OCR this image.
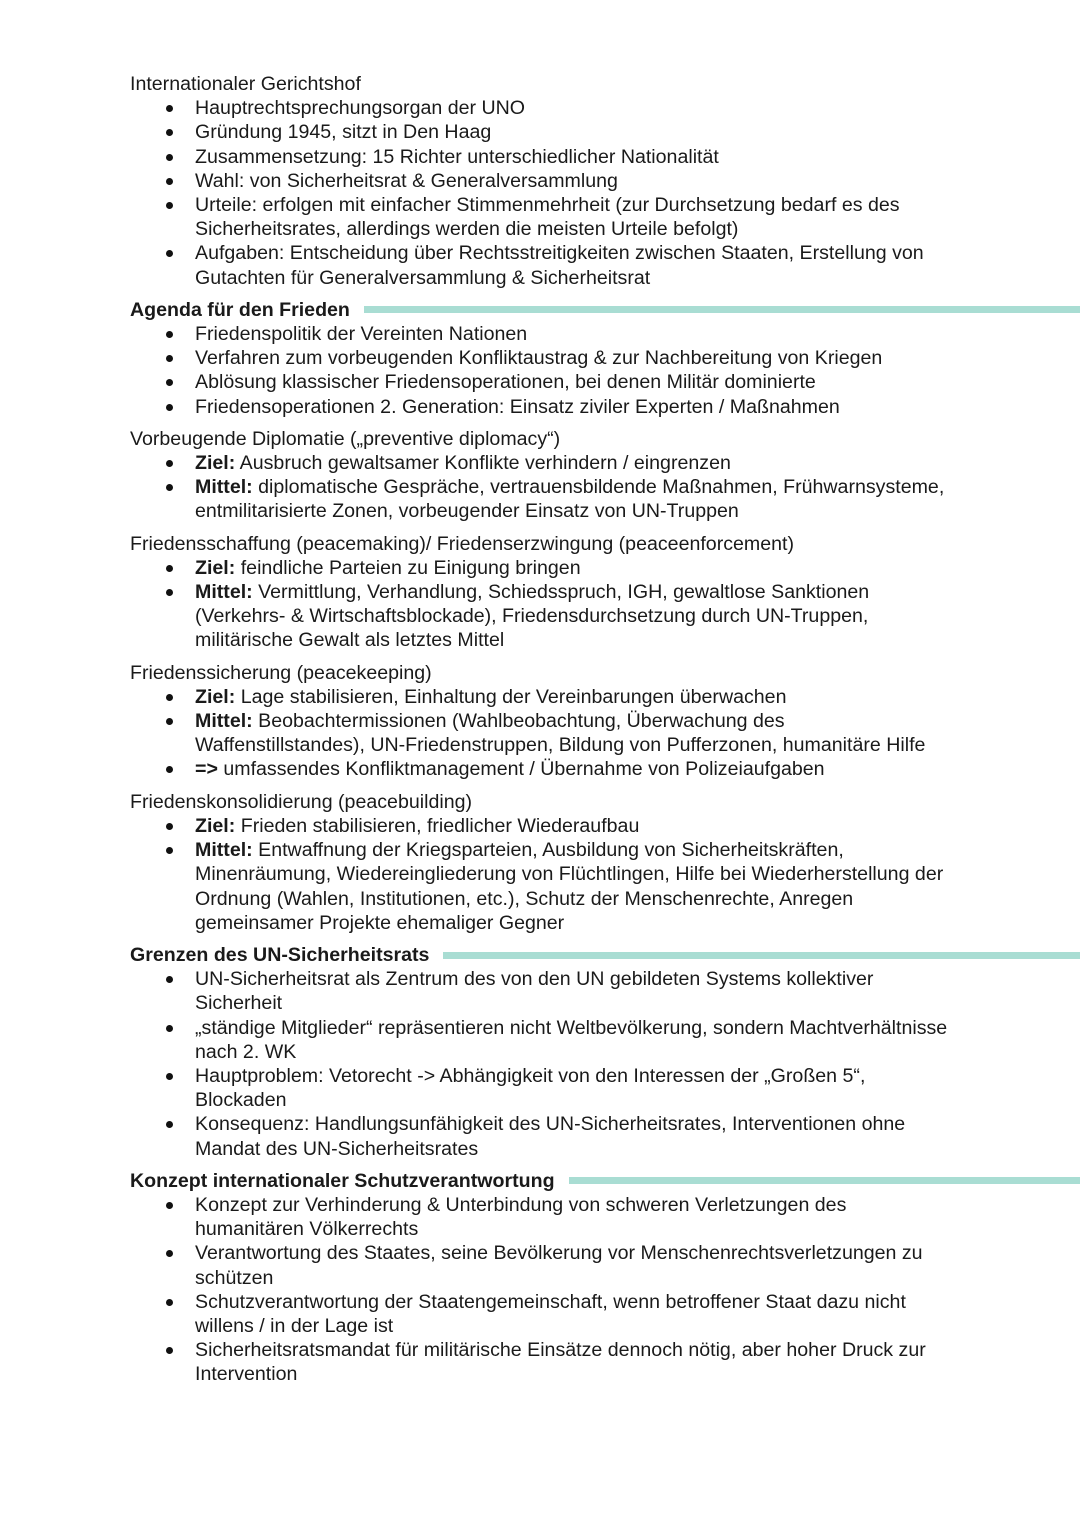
Internationaler Gerichtshof
Hauptrechtsprechungsorgan der UNO
Gründung 1945, sitzt in Den Haag
Zusammensetzung: 15 Richter unterschiedlicher Nationalität
Wahl: von Sicherheitsrat & Generalversammlung
Urteile: erfolgen mit einfacher Stimmenmehrheit (zur Durchsetzung bedarf es des Sicherheitsrates, allerdings werden die meisten Urteile befolgt)
Aufgaben: Entscheidung über Rechtsstreitigkeiten zwischen Staaten, Erstellung von Gutachten für Generalversammlung & Sicherheitsrat
Agenda für den Frieden
Friedenspolitik der Vereinten Nationen
Verfahren zum vorbeugenden Konfliktaustrag & zur Nachbereitung von Kriegen
Ablösung klassischer Friedensoperationen, bei denen Militär dominierte
Friedensoperationen 2. Generation: Einsatz ziviler Experten / Maßnahmen
Vorbeugende Diplomatie („preventive diplomacy“)
Ziel: Ausbruch gewaltsamer Konflikte verhindern / eingrenzen
Mittel: diplomatische Gespräche, vertrauensbildende Maßnahmen, Frühwarnsysteme, entmilitarisierte Zonen, vorbeugender Einsatz von UN-Truppen
Friedensschaffung (peacemaking)/ Friedenserzwingung (peaceenforcement)
Ziel: feindliche Parteien zu Einigung bringen
Mittel: Vermittlung, Verhandlung, Schiedsspruch, IGH, gewaltlose Sanktionen (Verkehrs- & Wirtschaftsblockade), Friedensdurchsetzung durch UN-Truppen, militärische Gewalt als letztes Mittel
Friedenssicherung (peacekeeping)
Ziel: Lage stabilisieren, Einhaltung der Vereinbarungen überwachen
Mittel: Beobachtermissionen (Wahlbeobachtung, Überwachung des Waffenstillstandes), UN-Friedenstruppen, Bildung von Pufferzonen, humanitäre Hilfe
=> umfassendes Konfliktmanagement / Übernahme von Polizeiaufgaben
Friedenskonsolidierung (peacebuilding)
Ziel: Frieden stabilisieren, friedlicher Wiederaufbau
Mittel: Entwaffnung der Kriegsparteien, Ausbildung von Sicherheitskräften, Minenräumung, Wiedereingliederung von Flüchtlingen, Hilfe bei Wiederherstellung der Ordnung (Wahlen, Institutionen, etc.), Schutz der Menschenrechte, Anregen gemeinsamer Projekte ehemaliger Gegner
Grenzen des UN-Sicherheitsrats
UN-Sicherheitsrat als Zentrum des von den UN gebildeten Systems kollektiver Sicherheit
„ständige Mitglieder“ repräsentieren nicht Weltbevölkerung, sondern Machtverhältnisse nach 2. WK
Hauptproblem: Vetorecht -> Abhängigkeit von den Interessen der „Großen 5“, Blockaden
Konsequenz: Handlungsunfähigkeit des UN-Sicherheitsrates, Interventionen ohne Mandat des UN-Sicherheitsrates
Konzept internationaler Schutzverantwortung
Konzept zur Verhinderung & Unterbindung von schweren Verletzungen des humanitären Völkerrechts
Verantwortung des Staates, seine Bevölkerung vor Menschenrechtsverletzungen zu schützen
Schutzverantwortung der Staatengemeinschaft, wenn betroffener Staat dazu nicht willens / in der Lage ist
Sicherheitsratsmandat für militärische Einsätze dennoch nötig, aber hoher Druck zur Intervention
